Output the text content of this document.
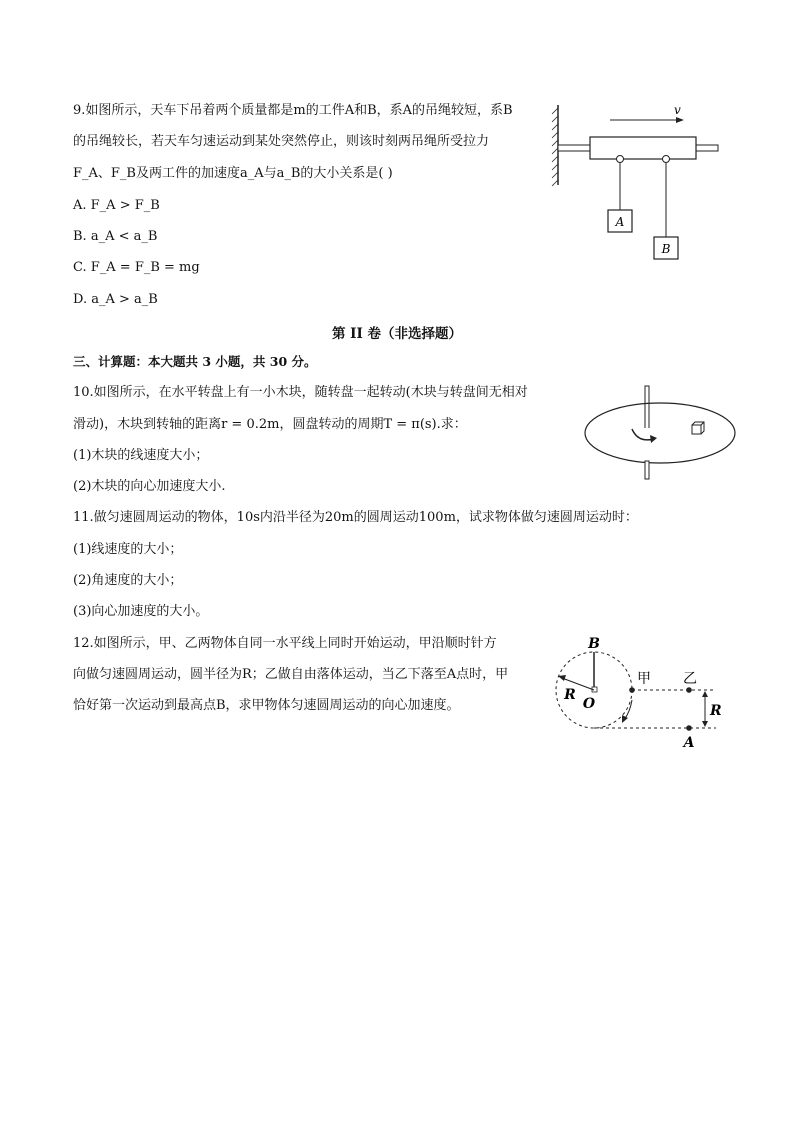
9.如图所示，天车下吊着两个质量都是m的工件A和B，系A的吊绳较短，系B
的吊绳较长，若天车匀速运动到某处突然停止，则该时刻两吊绳所受拉力
F_A、F_B及两工件的加速度a_A与a_B的大小关系是( )
A. F_A > F_B
B. a_A < a_B
C. F_A = F_B = mg
D. a_A > a_B
v
A
B
第 II 卷（非选择题）
三、计算题：本大题共 3 小题，共 30 分。
10.如图所示，在水平转盘上有一小木块，随转盘一起转动(木块与转盘间无相对
滑动)，木块到转轴的距离r = 0.2m，圆盘转动的周期T = π(s).求：
(1)木块的线速度大小；
(2)木块的向心加速度大小.
11.做匀速圆周运动的物体，10s内沿半径为20m的圆周运动100m，试求物体做匀速圆周运动时：
(1)线速度的大小；
(2)角速度的大小；
(3)向心加速度的大小。
12.如图所示，甲、乙两物体自同一水平线上同时开始运动，甲沿顺时针方
向做匀速圆周运动，圆半径为R；乙做自由落体运动，当乙下落至A点时，甲
恰好第一次运动到最高点B，求甲物体匀速圆周运动的向心加速度。
B
O
R
甲 乙
A
R
